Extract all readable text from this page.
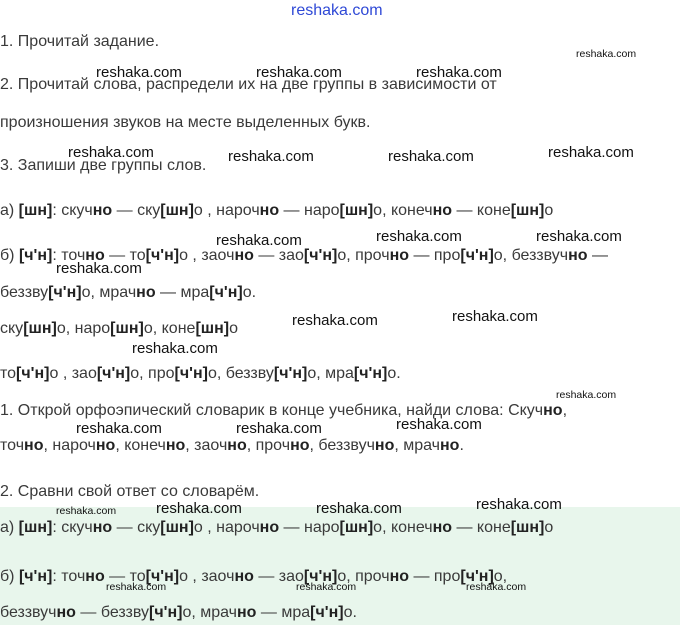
reshaka.com
1. Прочитай задание.
2. Прочитай слова, распредели их на две группы в зависимости от
произношения звуков на месте выделенных букв.
3. Запиши две группы слов.
а) [шн]: скучно — ску[шн]о , нарочно — наро[шн]о, конечно — коне[шн]о
б) [ч'н]: точно — то[ч'н]о , заочно — зао[ч'н]о, прочно — про[ч'н]о, беззвучно —
беззву[ч'н]о, мрачно — мра[ч'н]о.
ску[шн]о, наро[шн]о, коне[шн]о
то[ч'н]о , зао[ч'н]о, про[ч'н]о, беззву[ч'н]о, мра[ч'н]о.
1. Открой орфоэпический словарик в конце учебника, найди слова: Скучно,
точно, нарочно, конечно, заочно, прочно, беззвучно, мрачно.
2. Сравни свой ответ со словарём.
а) [шн]: скучно — ску[шн]о , нарочно — наро[шн]о, конечно — коне[шн]о
б) [ч'н]: точно — то[ч'н]о , заочно — зао[ч'н]о, прочно — про[ч'н]о,
беззвучно — беззву[ч'н]о, мрачно — мра[ч'н]о.
reshaka.com
reshaka.com	reshaka.com	reshaka.com
reshaka.com	reshaka.com	reshaka.com	reshaka.com
reshaka.com	reshaka.com	reshaka.com
reshaka.com
reshaka.com	reshaka.com
reshaka.com
reshaka.com
reshaka.com	reshaka.com	reshaka.com
reshaka.com	reshaka.com
reshaka.com
reshaka.com
reshaka.com	reshaka.com	reshaka.com
